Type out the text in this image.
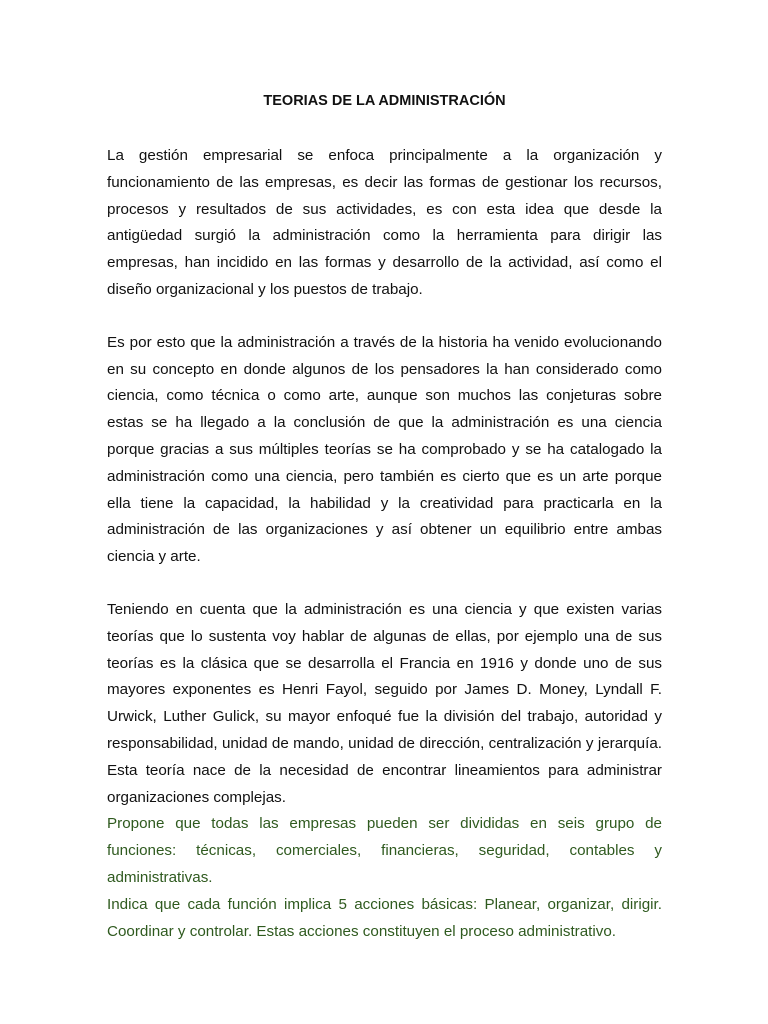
TEORIAS DE LA ADMINISTRACIÓN

La gestión empresarial se enfoca principalmente a la organización y funcionamiento de las empresas, es decir las formas de gestionar los recursos, procesos y resultados de sus actividades, es con esta idea que desde la antigüedad surgió la administración como la herramienta para dirigir las empresas, han incidido en las formas y desarrollo de la actividad, así como el diseño organizacional y los puestos de trabajo.

Es por esto que la administración a través de la historia ha venido evolucionando en su concepto en donde algunos de los pensadores la han considerado como ciencia, como técnica o como arte, aunque son muchos las conjeturas sobre estas se ha llegado a la conclusión de que la administración es una ciencia porque gracias a sus múltiples teorías se ha comprobado y se ha catalogado la administración como una ciencia, pero también es cierto que es un arte porque ella tiene la capacidad, la habilidad y la creatividad para practicarla en la administración de las organizaciones y así obtener un equilibrio entre ambas ciencia y arte.

Teniendo en cuenta que la administración es una ciencia y que existen varias teorías que lo sustenta voy hablar de algunas de ellas, por ejemplo una de sus teorías es la clásica que se desarrolla el Francia en 1916 y donde uno de sus mayores exponentes es Henri Fayol, seguido por James D. Money, Lyndall F. Urwick, Luther Gulick, su mayor enfoqué fue la división del trabajo, autoridad y responsabilidad, unidad de mando, unidad de dirección, centralización y jerarquía. Esta teoría nace de la necesidad de encontrar lineamientos para administrar organizaciones complejas.

Propone que todas las empresas pueden ser divididas en seis grupo de funciones: técnicas, comerciales, financieras, seguridad, contables y administrativas.

Indica que cada función implica 5 acciones básicas: Planear, organizar, dirigir. Coordinar y controlar. Estas acciones constituyen el proceso administrativo.
